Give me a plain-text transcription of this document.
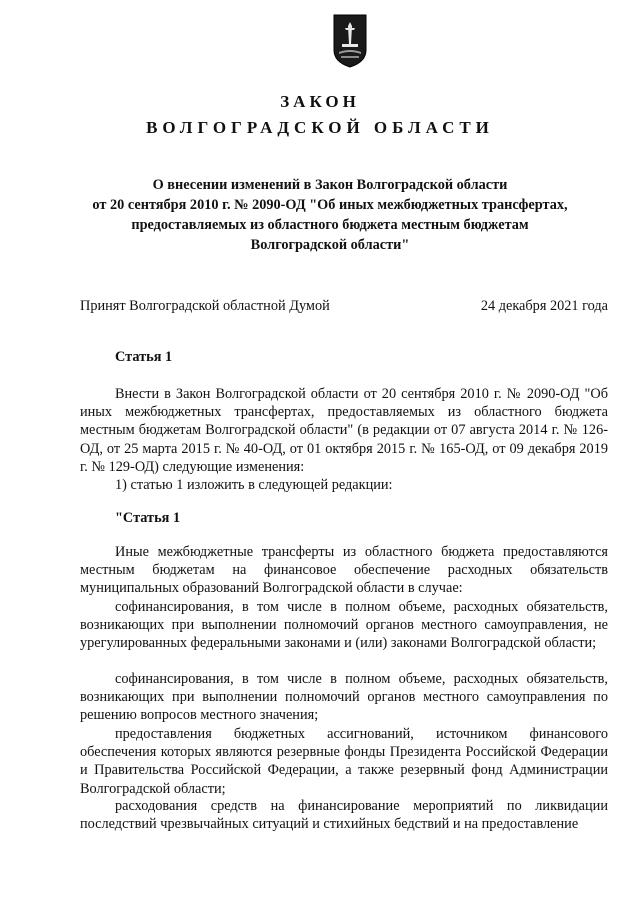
ЗАКОН
ВОЛГОГРАДСКОЙ ОБЛАСТИ
О внесении изменений в Закон Волгоградской области
от 20 сентября 2010 г. № 2090-ОД "Об иных межбюджетных трансфертах,
предоставляемых из областного бюджета местным бюджетам
Волгоградской области"
Принят Волгоградской областной Думой	24 декабря 2021 года
Статья 1

Внести в Закон Волгоградской области от 20 сентября 2010 г. № 2090-ОД "Об иных межбюджетных трансфертах, предоставляемых из областного бюджета местным бюджетам Волгоградской области" (в редакции от 07 августа 2014 г. № 126-ОД, от 25 марта 2015 г. № 40-ОД, от 01 октября 2015 г. № 165-ОД, от 09 декабря 2019 г. № 129-ОД) следующие изменения:

1) статью 1 изложить в следующей редакции:

"Статья 1

Иные межбюджетные трансферты из областного бюджета предоставляются местным бюджетам на финансовое обеспечение расходных обязательств муниципальных образований Волгоградской области в случае:

софинансирования, в том числе в полном объеме, расходных обязательств, возникающих при выполнении полномочий органов местного самоуправления, не урегулированных федеральными законами и (или) законами Волгоградской области;

софинансирования, в том числе в полном объеме, расходных обязательств, возникающих при выполнении полномочий органов местного самоуправления по решению вопросов местного значения;

предоставления бюджетных ассигнований, источником финансового обеспечения которых являются резервные фонды Президента Российской Федерации и Правительства Российской Федерации, а также резервный фонд Администрации Волгоградской области;

расходования средств на финансирование мероприятий по ликвидации последствий чрезвычайных ситуаций и стихийных бедствий и на предоставление
